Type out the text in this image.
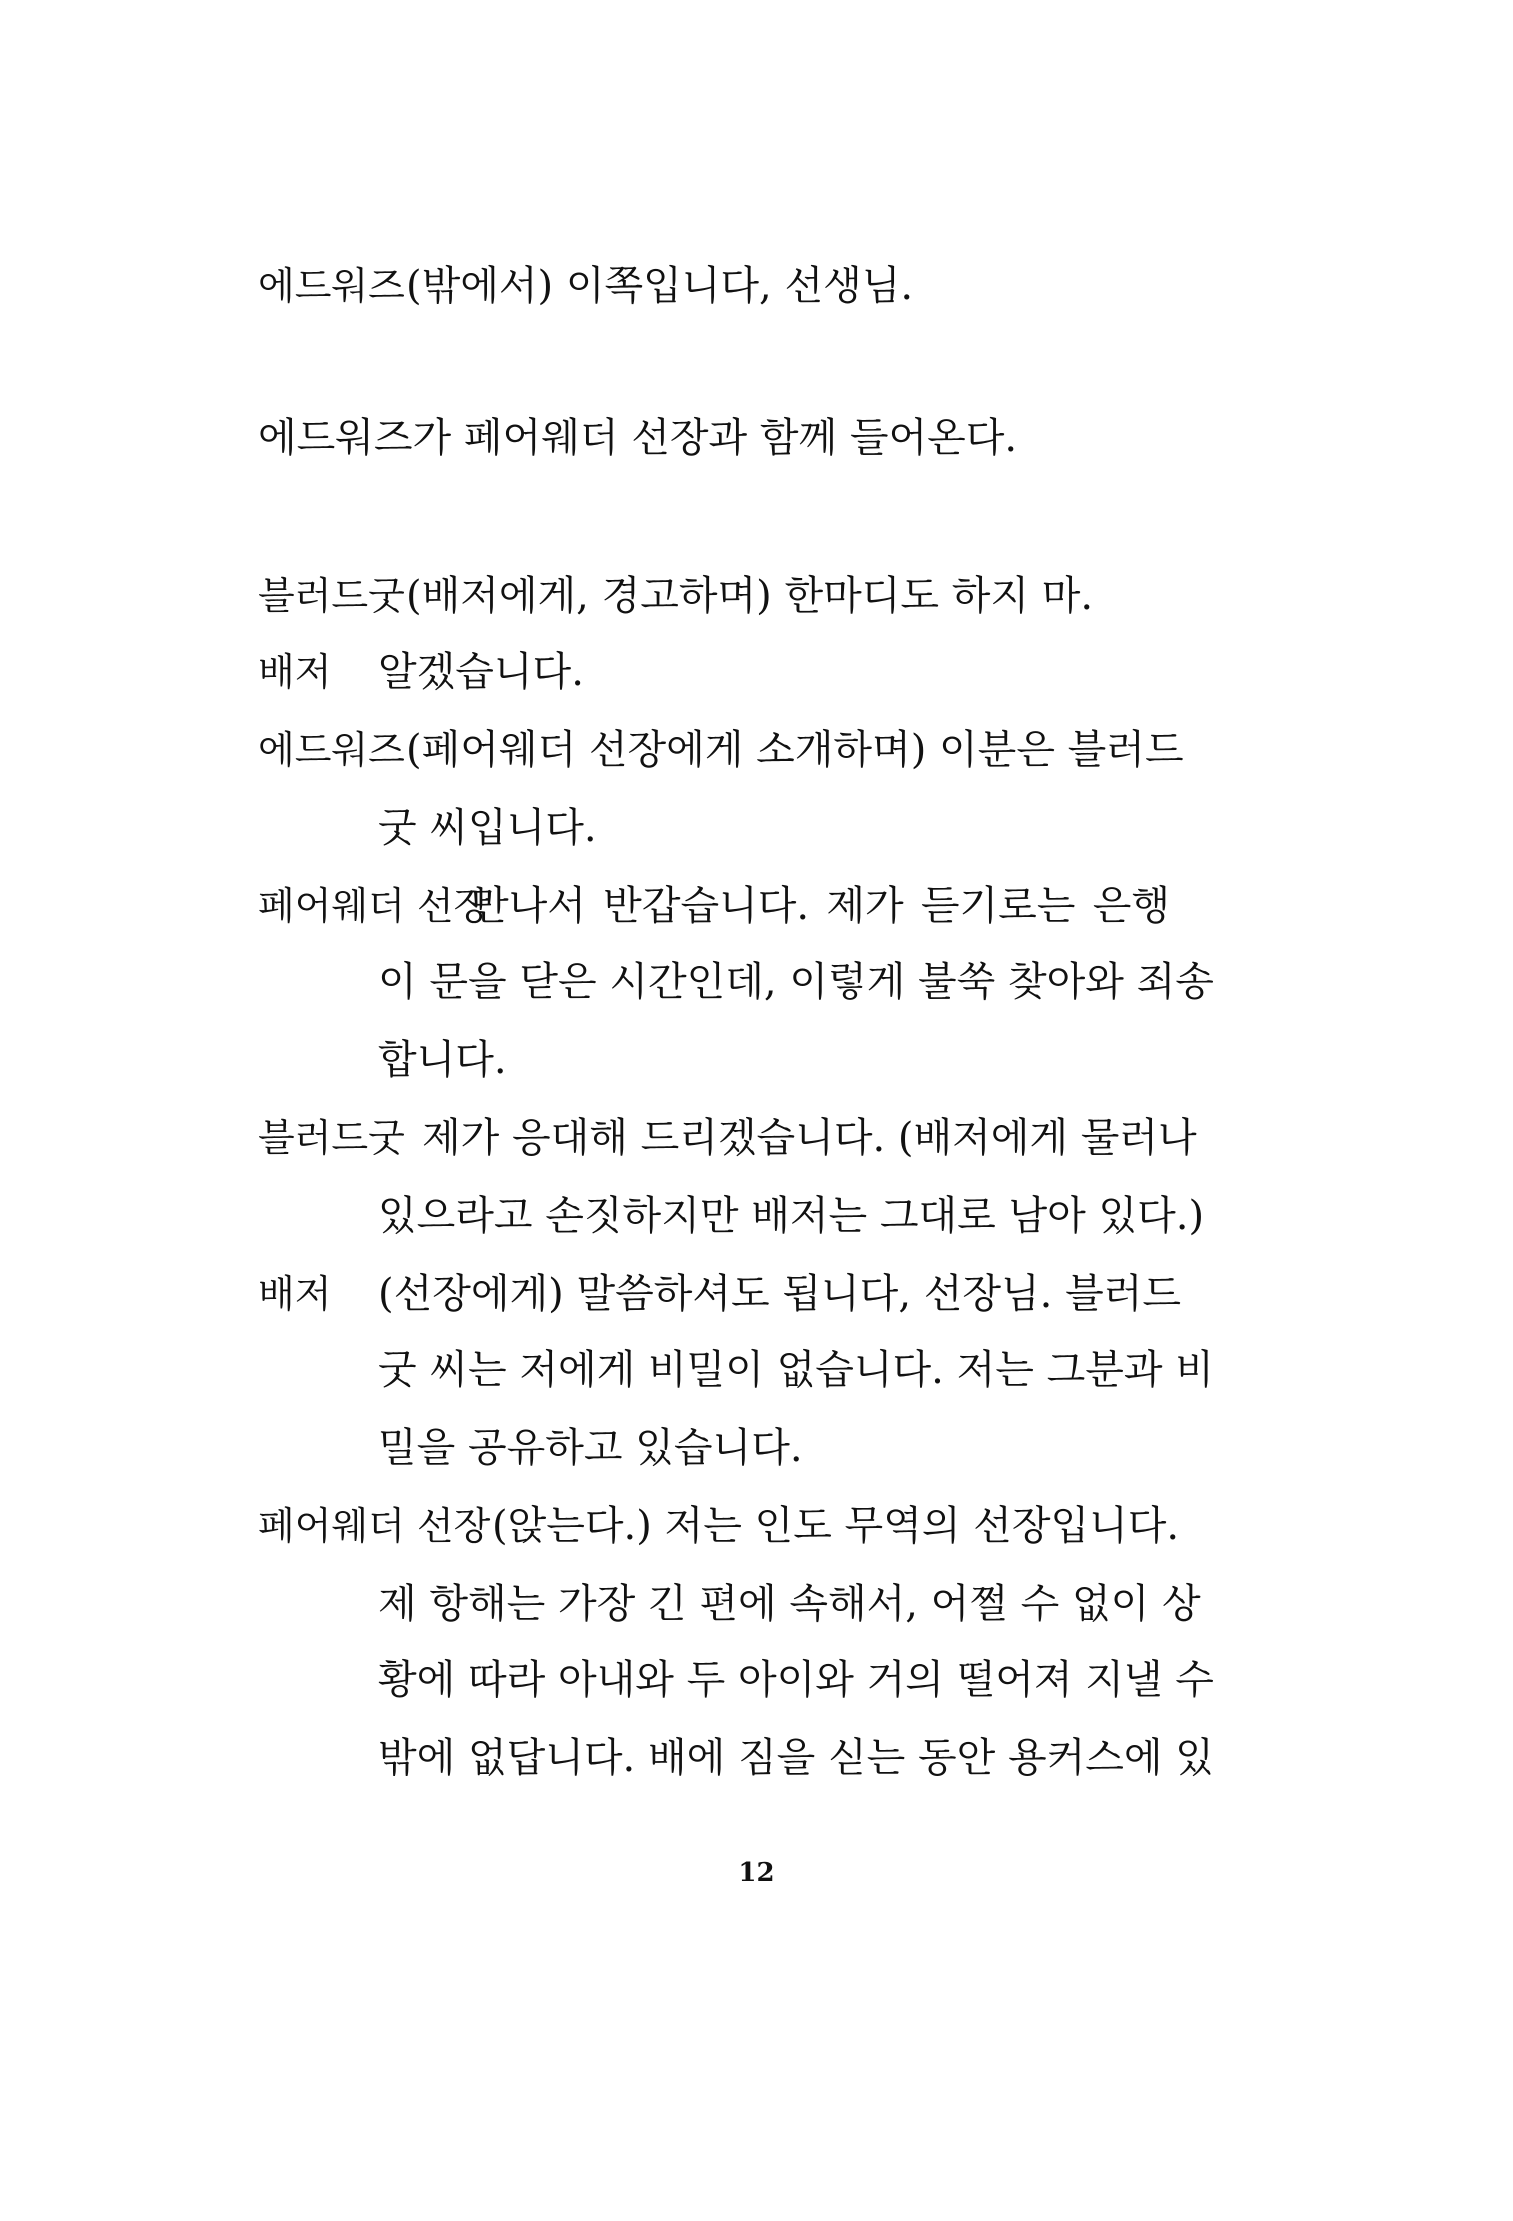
에드워즈 (밖에서) 이쪽입니다, 선생님.
에드워즈가 페어웨더 선장과 함께 들어온다.
블러드굿 (배저에게, 경고하며) 한마디도 하지 마.
배저 알겠습니다.
에드워즈 (페어웨더 선장에게 소개하며) 이분은 블러드
굿 씨입니다.
페어웨더 선장
만나서 반갑습니다. 제가 듣기로는 은행
이 문을 닫은 시간인데, 이렇게 불쑥 찾아와 죄송
합니다.
블러드굿 제가 응대해 드리겠습니다. (배저에게 물러나
있으라고 손짓하지만 배저는 그대로 남아 있다.)
배저 (선장에게) 말씀하셔도 됩니다, 선장님. 블러드
굿 씨는 저에게 비밀이 없습니다. 저는 그분과 비
밀을 공유하고 있습니다.
페어웨더 선장 (앉는다.) 저는 인도 무역의 선장입니다.
제 항해는 가장 긴 편에 속해서, 어쩔 수 없이 상
황에 따라 아내와 두 아이와 거의 떨어져 지낼 수
밖에 없답니다. 배에 짐을 싣는 동안 용커스에 있
12
